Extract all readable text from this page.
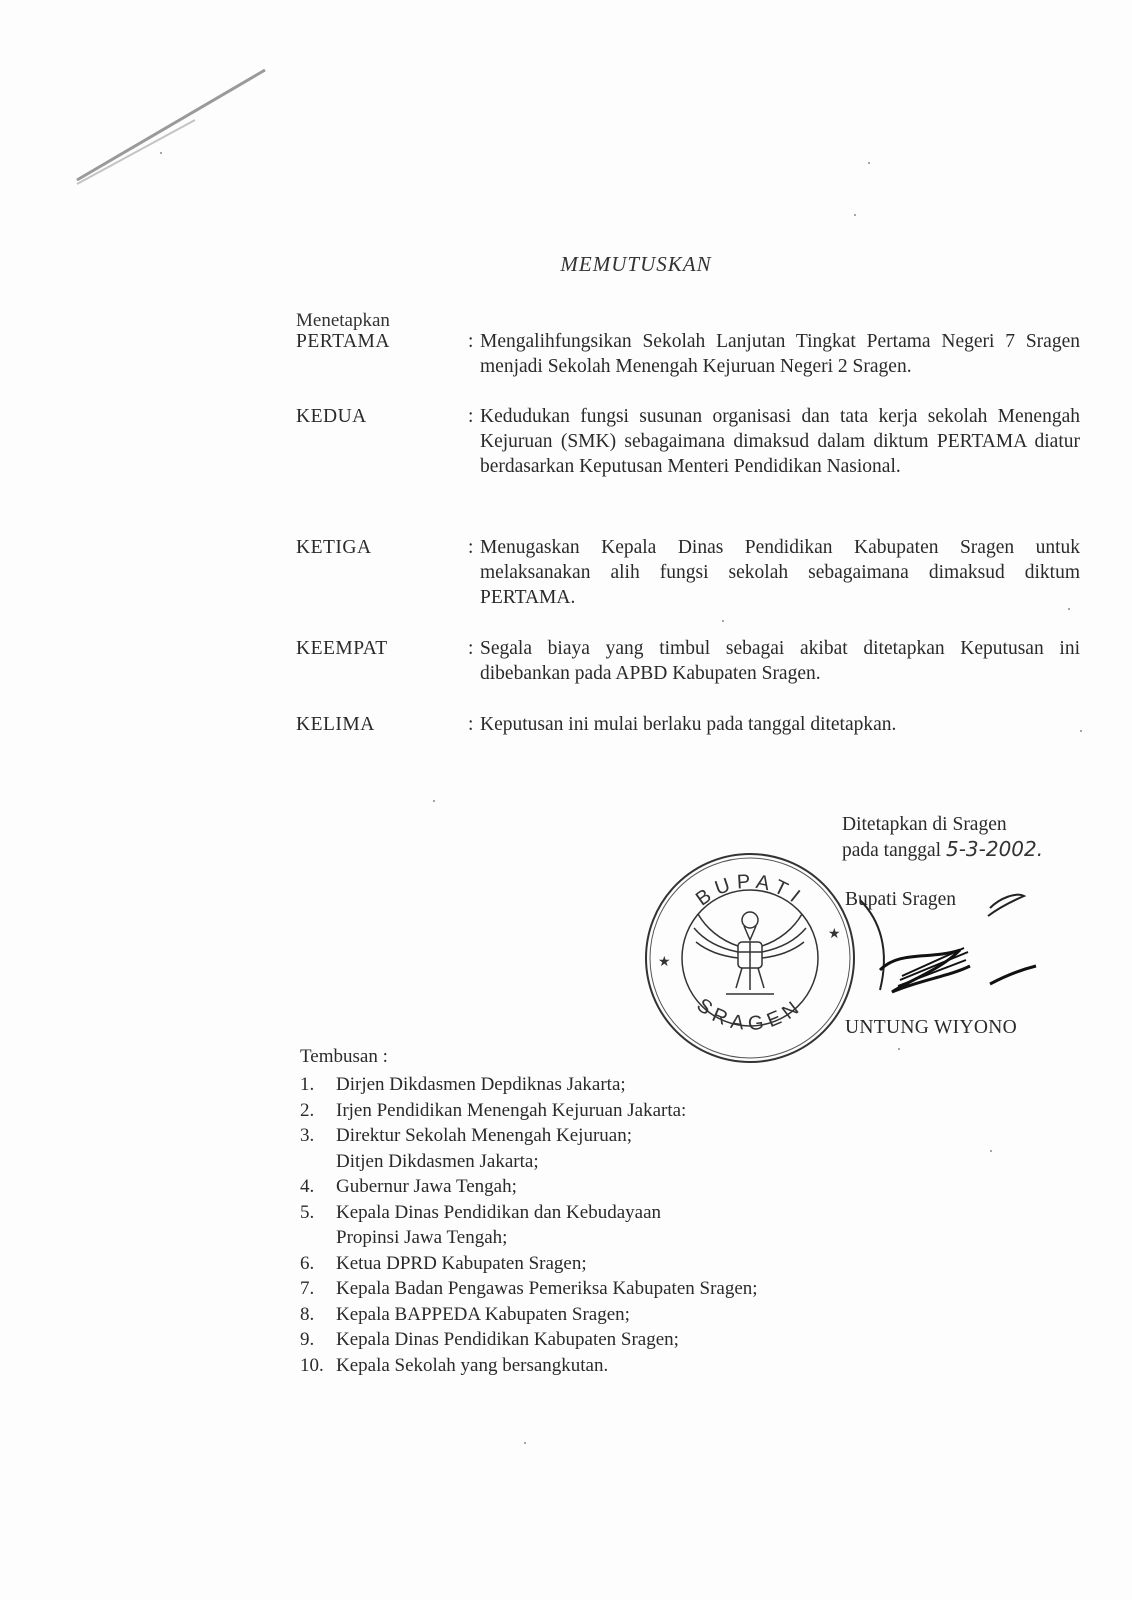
MEMUTUSKAN
Menetapkan
PERTAMA	: Mengalihfungsikan Sekolah Lanjutan Tingkat Pertama Negeri 7 Sragen menjadi Sekolah Menengah Kejuruan Negeri 2 Sragen.
KEDUA	: Kedudukan fungsi susunan organisasi dan tata kerja sekolah Menengah Kejuruan (SMK) sebagaimana dimaksud dalam diktum PERTAMA diatur berdasarkan Keputusan Menteri Pendidikan Nasional.
KETIGA	: Menugaskan Kepala Dinas Pendidikan Kabupaten Sragen untuk melaksanakan alih fungsi sekolah sebagaimana dimaksud diktum PERTAMA.
KEEMPAT	: Segala biaya yang timbul sebagai akibat ditetapkan Keputusan ini dibebankan pada APBD Kabupaten Sragen.
KELIMA	: Keputusan ini mulai berlaku pada tanggal ditetapkan.
Ditetapkan di Sragen
pada tanggal 5-3-2002.
BUPATI
SRAGEN
★
★
Bupati Sragen
UNTUNG WIYONO
Tembusan :
1.	Dirjen Dikdasmen Depdiknas Jakarta;
2.	Irjen Pendidikan Menengah Kejuruan Jakarta:
3.	Direktur Sekolah Menengah Kejuruan;
Ditjen Dikdasmen Jakarta;
4.	Gubernur Jawa Tengah;
5.	Kepala Dinas Pendidikan dan Kebudayaan
Propinsi Jawa Tengah;
6.	Ketua DPRD Kabupaten Sragen;
7.	Kepala Badan Pengawas Pemeriksa Kabupaten Sragen;
8.	Kepala BAPPEDA Kabupaten Sragen;
9.	Kepala Dinas Pendidikan Kabupaten Sragen;
10. Kepala Sekolah yang bersangkutan.
